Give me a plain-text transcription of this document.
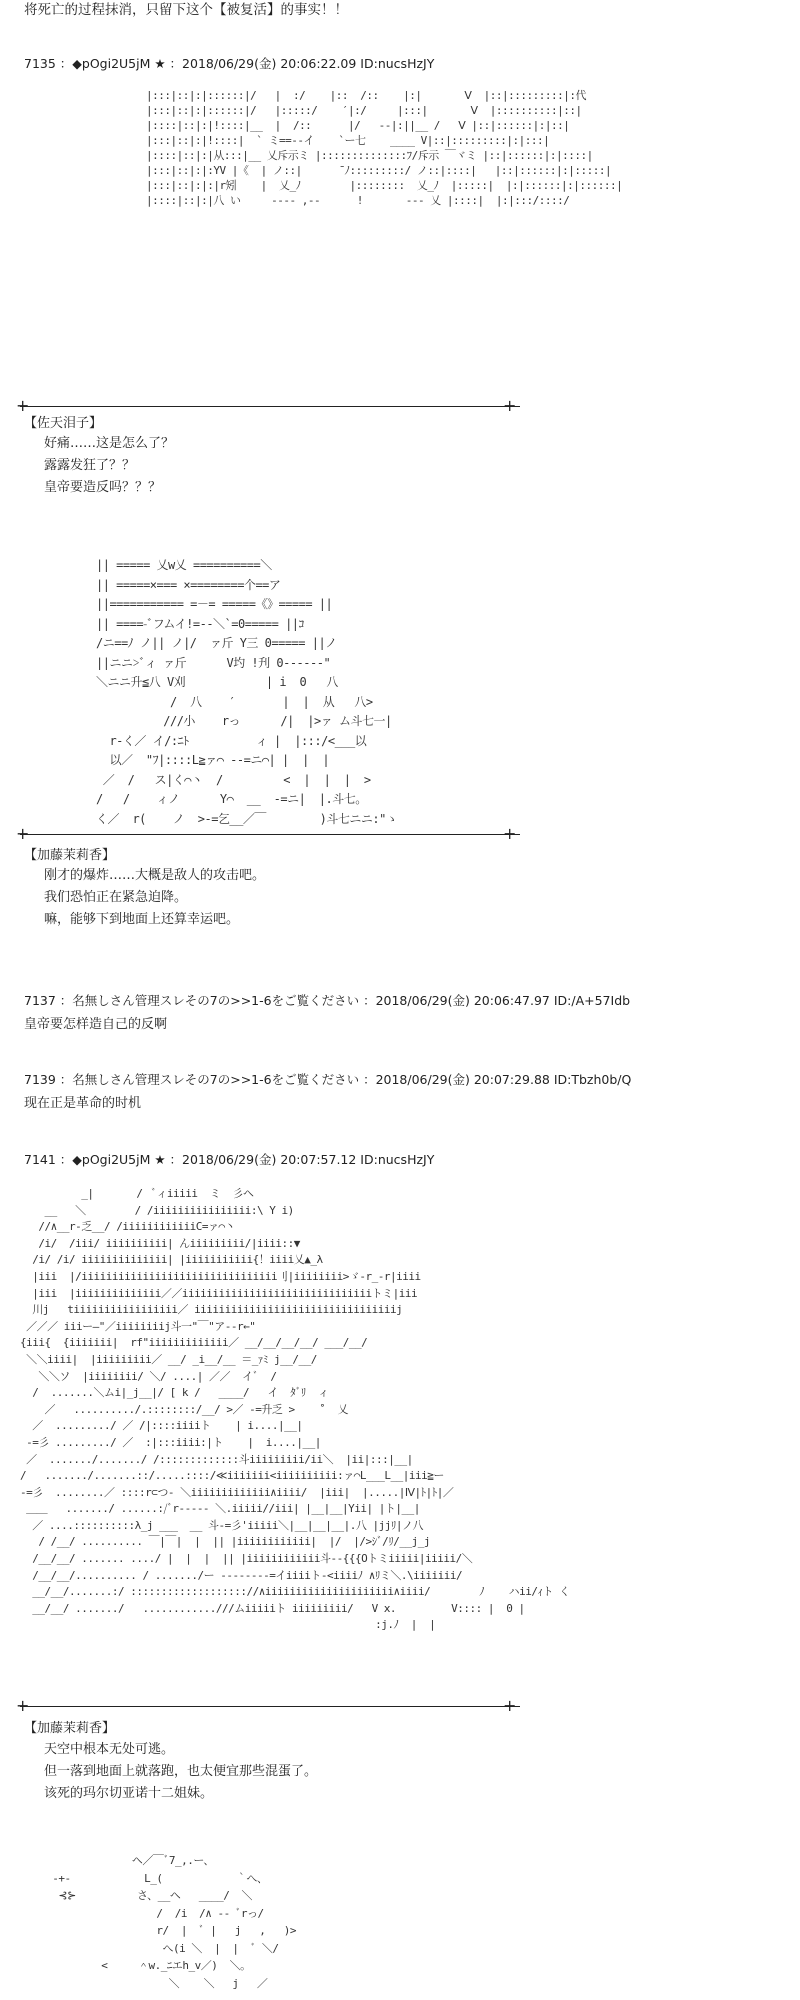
将死亡的过程抹消，只留下这个【被复活】的事实！！
7135 ：◆pOgi2U5jM ★ ：2018/06/29(金) 20:06:22.09 ID:nucsHzJY
|:::|::|:|::::::|/   |  :/    |::  /::    |:|       Ⅴ  |::|:::::::::|:代
|:::|::|:|::::::|/   |:::::/    ′|:/     |:::|       Ⅴ  |::::::::::|::|
|::::|::|:|!::::|__  |  /::      |/   -‐|:||__ /   Ⅴ |::|::::::|:|::|
|:::|::|:|!::::|  ` ミ==-‐イ    `ー七    ____ V|::|:::::::::|:|:::|
|::::|::|:|从:::|__ 乂斥示ミ |::::::::::::::ﾌ/斥示 ￣ヾミ |::|::::::|:|::::|
|:::|::|:|:YV |《  | ノ::|      ̄ ﾉ:::::::::/ ノ::|::::|   |::|::::::|:|:::::|
|:::|::|:|:|r矧    |  乂_ﾉ        |::::::::  乂_ﾉ  |:::::|  |:|::::::|:|::::::|
|::::|::|:|八 い     ‐‐‐‐ ,-‐      !       ‐‐‐ 乂 |::::|  |:|:::/::::/
+	+
【佐天泪子】
好痛……这是怎么了？
露露发狂了？？
皇帝要造反吗？？？
|| ===== 乂w乂 ==========＼
|| =====×=== ×========个==ア
||=========== =－= =====《》===== ||
|| ====-ﾞフムイ!=--＼`=0===== ||ｺ
/ニ==ﾉ ノ|| ノ|/  ァ斤 Y三 0===== ||ノ
||ニニ>ﾞィ ァ斤      V圴 !刋 0‐‐‐‐‐‐"
＼ニニ升≦八 V刈            | i  0   八
/  八    ′       |  |  从   八>
///小    rっ      /|  |>ァ ム斗七一|
r-く／ イ/:ﾆﾄ          ィ |  |:::/<___以
以／  "ﾌ|::::L≧ァ⌒ ‐‐=ニ⌒| |  |  |
／  /   ス|く⌒丶  /         <  |  |  |  >
/   /    ィノ      Y⌒  __  -=ニ|  |.斗七。
く／  r(    ノ  >‐=乞__／￣        )斗七ニニ:"ゝ
+	+
【加藤茉莉香】
刚才的爆炸……大概是敌人的攻击吧。
我们恐怕正在紧急迫降。
嘛，能够下到地面上还算幸运吧。
7137 ：名無しさん管理スレその7の>>1-6をご覧ください ：2018/06/29(金) 20:06:47.97 ID:/A+57Idb
皇帝要怎样造自己的反啊
7139 ：名無しさん管理スレその7の>>1-6をご覧ください ：2018/06/29(金) 20:07:29.88 ID:Tbzh0b/Q
现在正是革命的时机
7141 ：◆pOgi2U5jM ★ ：2018/06/29(金) 20:07:57.12 ID:nucsHzJY
_|       /  ﾞィiiiii  ミ  彡ヘ
__   ＼        / /iiiiiiiiiiiiiiii:\ Y i)
//∧__r-乏__/ /iiiiiiiiiiiiC=ァ⌒丶
/i/  /iii/ iiiiiiiiii| んiiiiiiiii/|iiii::▼
/i/ /i/ iiiiiiiiiiiiii| |iiiiiiiiiii{！iiii乂▲_λ
|iii  |/iiiiiiiiiiiiiiiiiiiiiiiiiiiiiiii刂|iiiiiiii>ゞ‐r_‐r|iiii
|iii  |iiiiiiiiiiiiii／／iiiiiiiiiiiiiiiiiiiiiiiiiiiiiiiトミ|iii
川j   tiiiiiiiiiiiiiiiii／ iiiiiiiiiiiiiiiiiiiiiiiiiiiiiiiiij
／／／ iiiー―"／iiiiiiiij斗一"￣"ア‐‐r←"
{iii{  {iiiiiii|  rf"iiiiiiiiiiiii／ __/__/__/__/ ___/__/
＼＼iiii|  |iiiiiiiii／ __/ _i__/__ ＝_ｧﾐ j__/__/
＼＼ソ  |iiiiiiii/ ＼/ ....| ／／  イﾞ  /
/  .......＼ムi|_j__|/ [ k /   ____/   イ  ﾀﾞﾘ  ィ
／   ........../.::::::::/__/ >／ ‐=升乏 >    ˚  乂
／  ........./ ／ /|::::iiiiト    | i....|__|
‐=彡 ........./ ／  :|:::iiii:|ト    |  i....|__|
／  ......./......./ /:::::::::::::斗iiiiiiiii/ii＼  |ii|:::|__|
/   ......./.......::/.....::::/≪iiiiiii<iiiiiiiiii:ァ⌒L___L__|iii≧ー
‐=彡  ........／ ::::r⊂つ- ＼iiiiiiiiiiiii∧iiii/  |iii|  |.....|Ⅳ|ﾄ|ﾄ|／
＿＿   ......./ ......:/ﾞr‐‐‐‐‐ ＼.iiiii//iii| |__|__|Yii| |ト|__|
／ ....::::::::::λ_j ___  __ 斗‐=彡'iiiii＼|__|__|__|.八 |jjﾘ|ノ八
/ /__/ .......... ￣|￣|  |  || |iiiiiiiiiiii|  |/  |/>ｼﾞ/ﾘ/__j_j
/__/__/ ....... ..../ |  |  |  || |iiiiiiiiiiii斗‐‐{{{Oトミiiiii|iiiii/＼
/__/__/.......... / ......./ー ‐‐‐‐‐‐‐‐=イiiiiト-<iiiiﾉ ∧ﾘミ＼.\iiiiiii/
__/__/.......:/ ::::::::::::::::::://∧iiiiiiiiiiiiiiiiiiiii∧iiii/        ﾉ    ハii/ｨト く
__/__/ ......./   ............///ムiiiiiト iiiiiiiii/   V ⅹ.         V:::: |  0 |
:j.ﾉ  |  |
+	+
【加藤茉莉香】
天空中根本无处可逃。
但一落到地面上就落跑，也太便宜那些混蛋了。
该死的玛尔切亚诺十二姐妹。
ヘ／￣ﾞ7_,.ー、
‐+‐            L_(            ｀へ、
⊰⊱          さ、__ヘ   ____/  ＼
/  /i  /∧ ‐‐ ﾞrっ/
r/  |  ﾞ |   j   ,   )>
へ(i ＼  |  |  ﾞ ＼/
<     ＾w._ﾆエh_v／)  ＼。
＼    ＼   j   ／
